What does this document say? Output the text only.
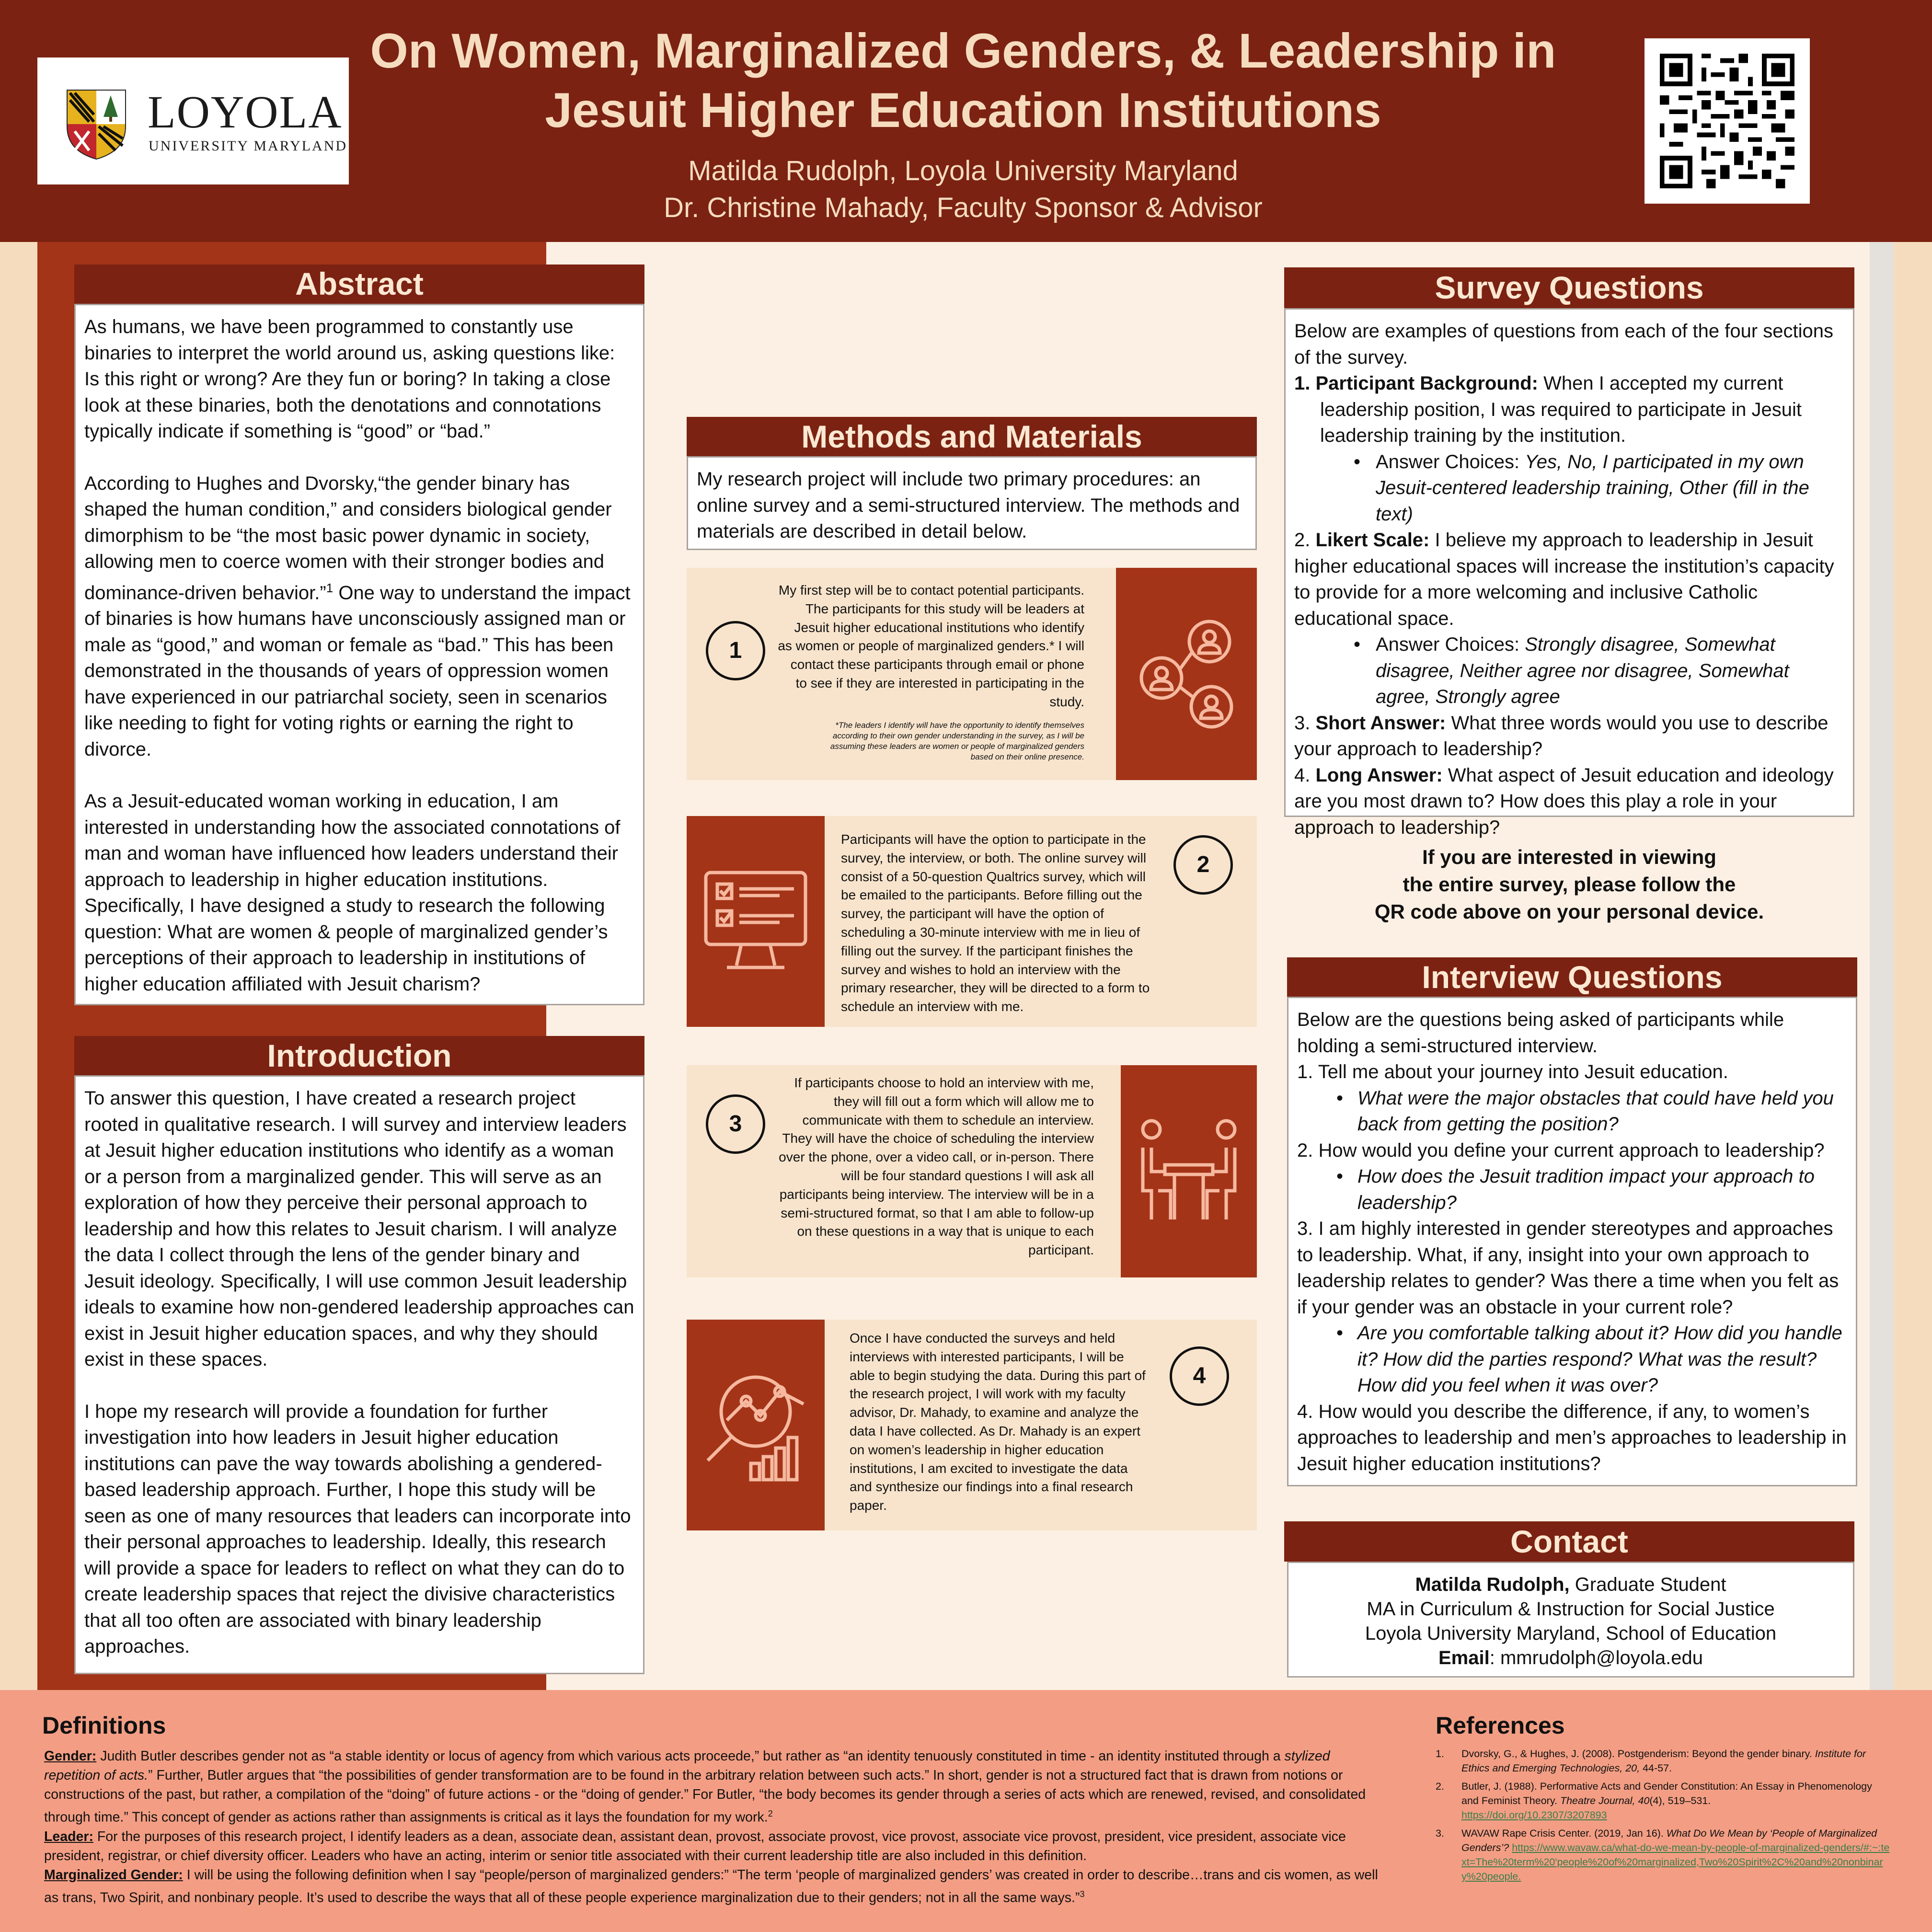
LOYOLA
UNIVERSITY MARYLAND
On Women, Marginalized Genders, & Leadership in
Jesuit Higher Education Institutions
Matilda Rudolph, Loyola University Maryland
Dr. Christine Mahady, Faculty Sponsor & Advisor
Abstract

As humans, we have been programmed to constantly use binaries to interpret the world around us, asking questions like: Is this right or wrong? Are they fun or boring? In taking a close look at these binaries, both the denotations and connotations typically indicate if something is “good” or “bad.”

According to Hughes and Dvorsky,“the gender binary has shaped the human condition,” and considers biological gender dimorphism to be “the most basic power dynamic in society, allowing men to coerce women with their stronger bodies and dominance-driven behavior.”$^1$ One way to understand the impact of binaries is how humans have unconsciously assigned man or male as “good,” and woman or female as “bad.” This has been demonstrated in the thousands of years of oppression women have experienced in our patriarchal society, seen in scenarios like needing to fight for voting rights or earning the right to divorce.

As a Jesuit-educated woman working in education, I am interested in understanding how the associated connotations of man and woman have influenced how leaders understand their approach to leadership in higher education institutions. Specifically, I have designed a study to research the following question: What are women & people of marginalized gender’s perceptions of their approach to leadership in institutions of higher education affiliated with Jesuit charism?

Introduction

To answer this question, I have created a research project rooted in qualitative research. I will survey and interview leaders at Jesuit higher education institutions who identify as a woman or a person from a marginalized gender. This will serve as an exploration of how they perceive their personal approach to leadership and how this relates to Jesuit charism. I will analyze the data I collect through the lens of the gender binary and Jesuit ideology. Specifically, I will use common Jesuit leadership ideals to examine how non-gendered leadership approaches can exist in Jesuit higher education spaces, and why they should exist in these spaces.

I hope my research will provide a foundation for further investigation into how leaders in Jesuit higher education institutions can pave the way towards abolishing a gendered-based leadership approach. Further, I hope this study will be seen as one of many resources that leaders can incorporate into their personal approaches to leadership. Ideally, this research will provide a space for leaders to reflect on what they can do to create leadership spaces that reject the divisive characteristics that all too often are associated with binary leadership approaches.

Methods and Materials

My research project will include two primary procedures: an online survey and a semi-structured interview. The methods and materials are described in detail below.

1
My first step will be to contact potential participants. The participants for this study will be leaders at Jesuit higher educational institutions who identify as women or people of marginalized genders.* I will contact these participants through email or phone to see if they are interested in participating in the study.
*The leaders I identify will have the opportunity to identify themselves according to their own gender understanding in the survey, as I will be assuming these leaders are women or people of marginalized genders based on their online presence.
Participants will have the option to participate in the survey, the interview, or both. The online survey will consist of a 50-question Qualtrics survey, which will be emailed to the participants. Before filling out the survey, the participant will have the option of scheduling a 30-minute interview with me in lieu of filling out the survey. If the participant finishes the survey and wishes to hold an interview with the primary researcher, they will be directed to a form to schedule an interview with me.
2
3
If participants choose to hold an interview with me, they will fill out a form which will allow me to communicate with them to schedule an interview. They will have the choice of scheduling the interview over the phone, over a video call, or in-person. There will be four standard questions I will ask all participants being interview. The interview will be in a semi-structured format, so that I am able to follow-up on these questions in a way that is unique to each participant.
Once I have conducted the surveys and held interviews with interested participants, I will be able to begin studying the data. During this part of the research project, I will work with my faculty advisor, Dr. Mahady, to examine and analyze the data I have collected. As Dr. Mahady is an expert on women’s leadership in higher education institutions, I am excited to investigate the data and synthesize our findings into a final research paper.
4
Survey Questions
Below are examples of questions from each of the four sections of the survey.
1. Participant Background: When I accepted my current leadership position, I was required to participate in Jesuit leadership training by the institution.
• Answer Choices: Yes, No, I participated in my own Jesuit-centered leadership training, Other (fill in the text)
2. Likert Scale: I believe my approach to leadership in Jesuit higher educational spaces will increase the institution’s capacity to provide for a more welcoming and inclusive Catholic educational space.
• Answer Choices: Strongly disagree, Somewhat disagree, Neither agree nor disagree, Somewhat agree, Strongly agree
3. Short Answer: What three words would you use to describe your approach to leadership?
4. Long Answer: What aspect of Jesuit education and ideology are you most drawn to? How does this play a role in your approach to leadership?
If you are interested in viewing
the entire survey, please follow the
QR code above on your personal device.
Interview Questions
Below are the questions being asked of participants while holding a semi-structured interview.
1. Tell me about your journey into Jesuit education.
• What were the major obstacles that could have held you back from getting the position?
2. How would you define your current approach to leadership?
• How does the Jesuit tradition impact your approach to leadership?
3. I am highly interested in gender stereotypes and approaches to leadership. What, if any, insight into your own approach to leadership relates to gender? Was there a time when you felt as if your gender was an obstacle in your current role?
• Are you comfortable talking about it? How did you handle it? How did the parties respond? What was the result? How did you feel when it was over?
4. How would you describe the difference, if any, to women’s approaches to leadership and men’s approaches to leadership in Jesuit higher education institutions?
Contact
Matilda Rudolph, Graduate Student
MA in Curriculum & Instruction for Social Justice
Loyola University Maryland, School of Education
Email: mmrudolph@loyola.edu
Definitions
Gender: Judith Butler describes gender not as “a stable identity or locus of agency from which various acts proceede,” but rather as “an identity tenuously constituted in time - an identity instituted through a stylized repetition of acts.” Further, Butler argues that “the possibilities of gender transformation are to be found in the arbitrary relation between such acts.” In short, gender is not a structured fact that is drawn from notions or constructions of the past, but rather, a compilation of the “doing” of future actions - or the “doing of gender.” For Butler, “the body becomes its gender through a series of acts which are renewed, revised, and consolidated through time.” This concept of gender as actions rather than assignments is critical as it lays the foundation for my work.$^2$
Leader: For the purposes of this research project, I identify leaders as a dean, associate dean, assistant dean, provost, associate provost, vice provost, associate vice provost, president, vice president, associate vice president, registrar, or chief diversity officer. Leaders who have an acting, interim or senior title associated with their current leadership title are also included in this definition.
Marginalized Gender: I will be using the following definition when I say “people/person of marginalized genders:” “The term ‘people of marginalized genders’ was created in order to describe…trans and cis women, as well as trans, Two Spirit, and nonbinary people. It’s used to describe the ways that all of these people experience marginalization due to their genders; not in all the same ways.”$^3$
References
1. Dvorsky, G., & Hughes, J. (2008). Postgenderism: Beyond the gender binary. Institute for Ethics and Emerging Technologies, 20, 44-57.
2. Butler, J. (1988). Performative Acts and Gender Constitution: An Essay in Phenomenology and Feminist Theory. Theatre Journal, 40(4), 519–531.
https://doi.org/10.2307/3207893
3. WAVAW Rape Crisis Center. (2019, Jan 16). What Do We Mean by ‘People of Marginalized Genders’? https://www.wavaw.ca/what-do-we-mean-by-people-of-marginalized-genders/#:~:text=The%20term%20'people%20of%20marginalized,Two%20Spirit%2C%20and%20nonbinary%20people.
